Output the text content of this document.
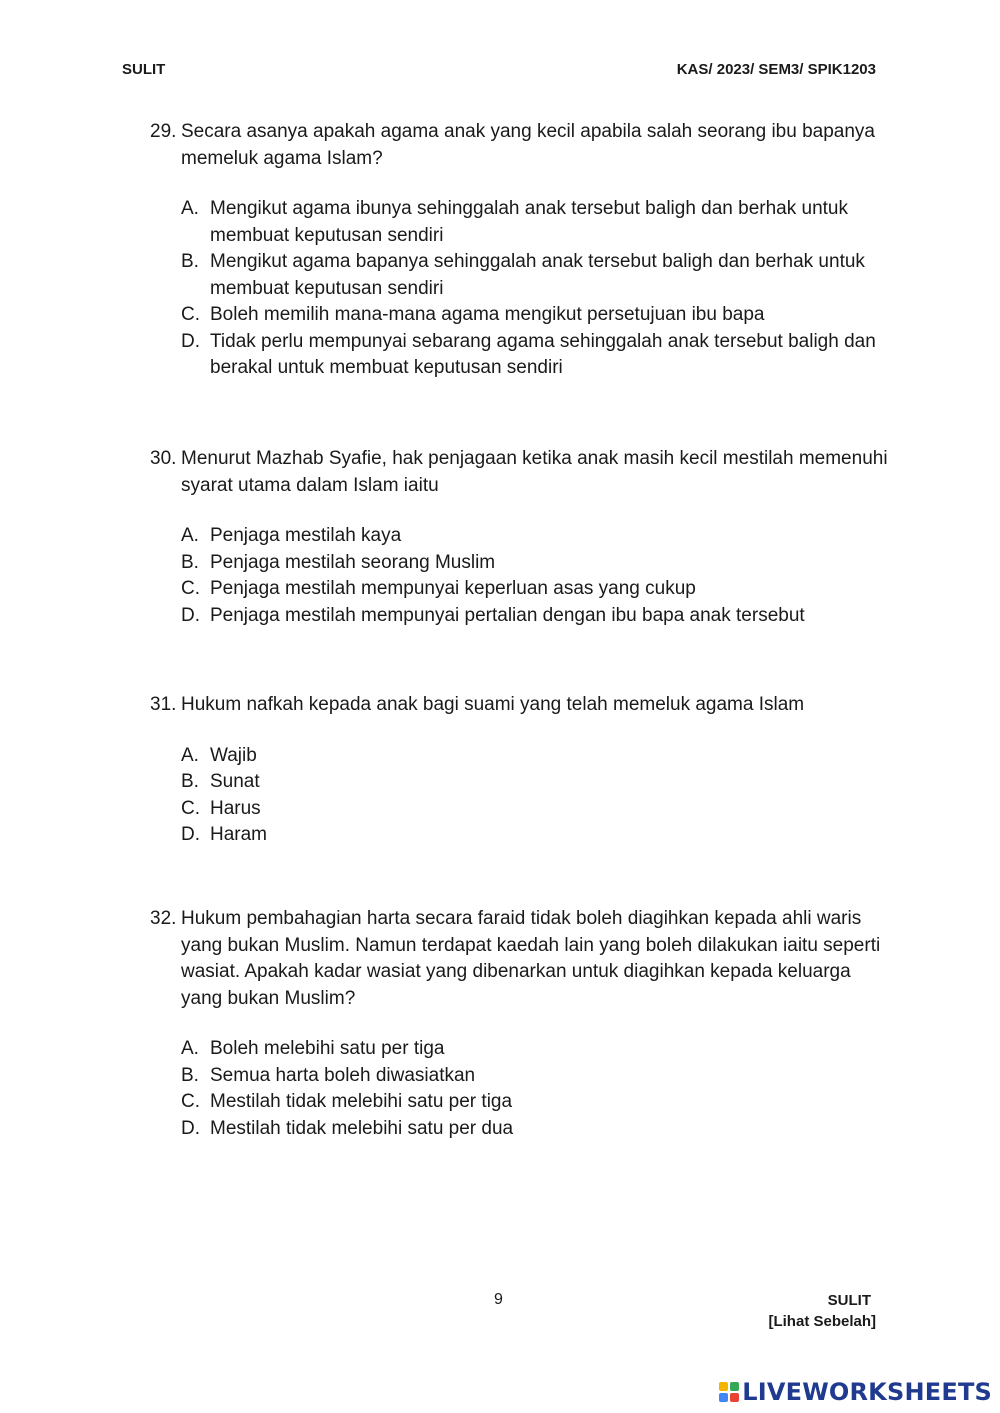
SULIT	KAS/ 2023/ SEM3/ SPIK1203
29. Secara asanya apakah agama anak yang kecil apabila salah seorang ibu bapanya memeluk agama Islam?
A. Mengikut agama ibunya sehinggalah anak tersebut baligh dan berhak untuk membuat keputusan sendiri
B. Mengikut agama bapanya sehinggalah anak tersebut baligh dan berhak untuk membuat keputusan sendiri
C. Boleh memilih mana-mana agama mengikut persetujuan ibu bapa
D. Tidak perlu mempunyai sebarang agama sehinggalah anak tersebut baligh dan berakal untuk membuat keputusan sendiri
30. Menurut Mazhab Syafie, hak penjagaan ketika anak masih kecil mestilah memenuhi syarat utama dalam Islam iaitu
A. Penjaga mestilah kaya
B. Penjaga mestilah seorang Muslim
C. Penjaga mestilah mempunyai keperluan asas yang cukup
D. Penjaga mestilah mempunyai pertalian dengan ibu bapa anak tersebut
31. Hukum nafkah kepada anak bagi suami yang telah memeluk agama Islam
A. Wajib
B. Sunat
C. Harus
D. Haram
32. Hukum pembahagian harta secara faraid tidak boleh diagihkan kepada ahli waris yang bukan Muslim. Namun terdapat kaedah lain yang boleh dilakukan iaitu seperti wasiat. Apakah kadar wasiat yang dibenarkan untuk diagihkan kepada keluarga yang bukan Muslim?
A. Boleh melebihi satu per tiga
B. Semua harta boleh diwasiatkan
C. Mestilah tidak melebihi satu per tiga
D. Mestilah tidak melebihi satu per dua
9	SULIT
[Lihat Sebelah]
LIVEWORKSHEETS
